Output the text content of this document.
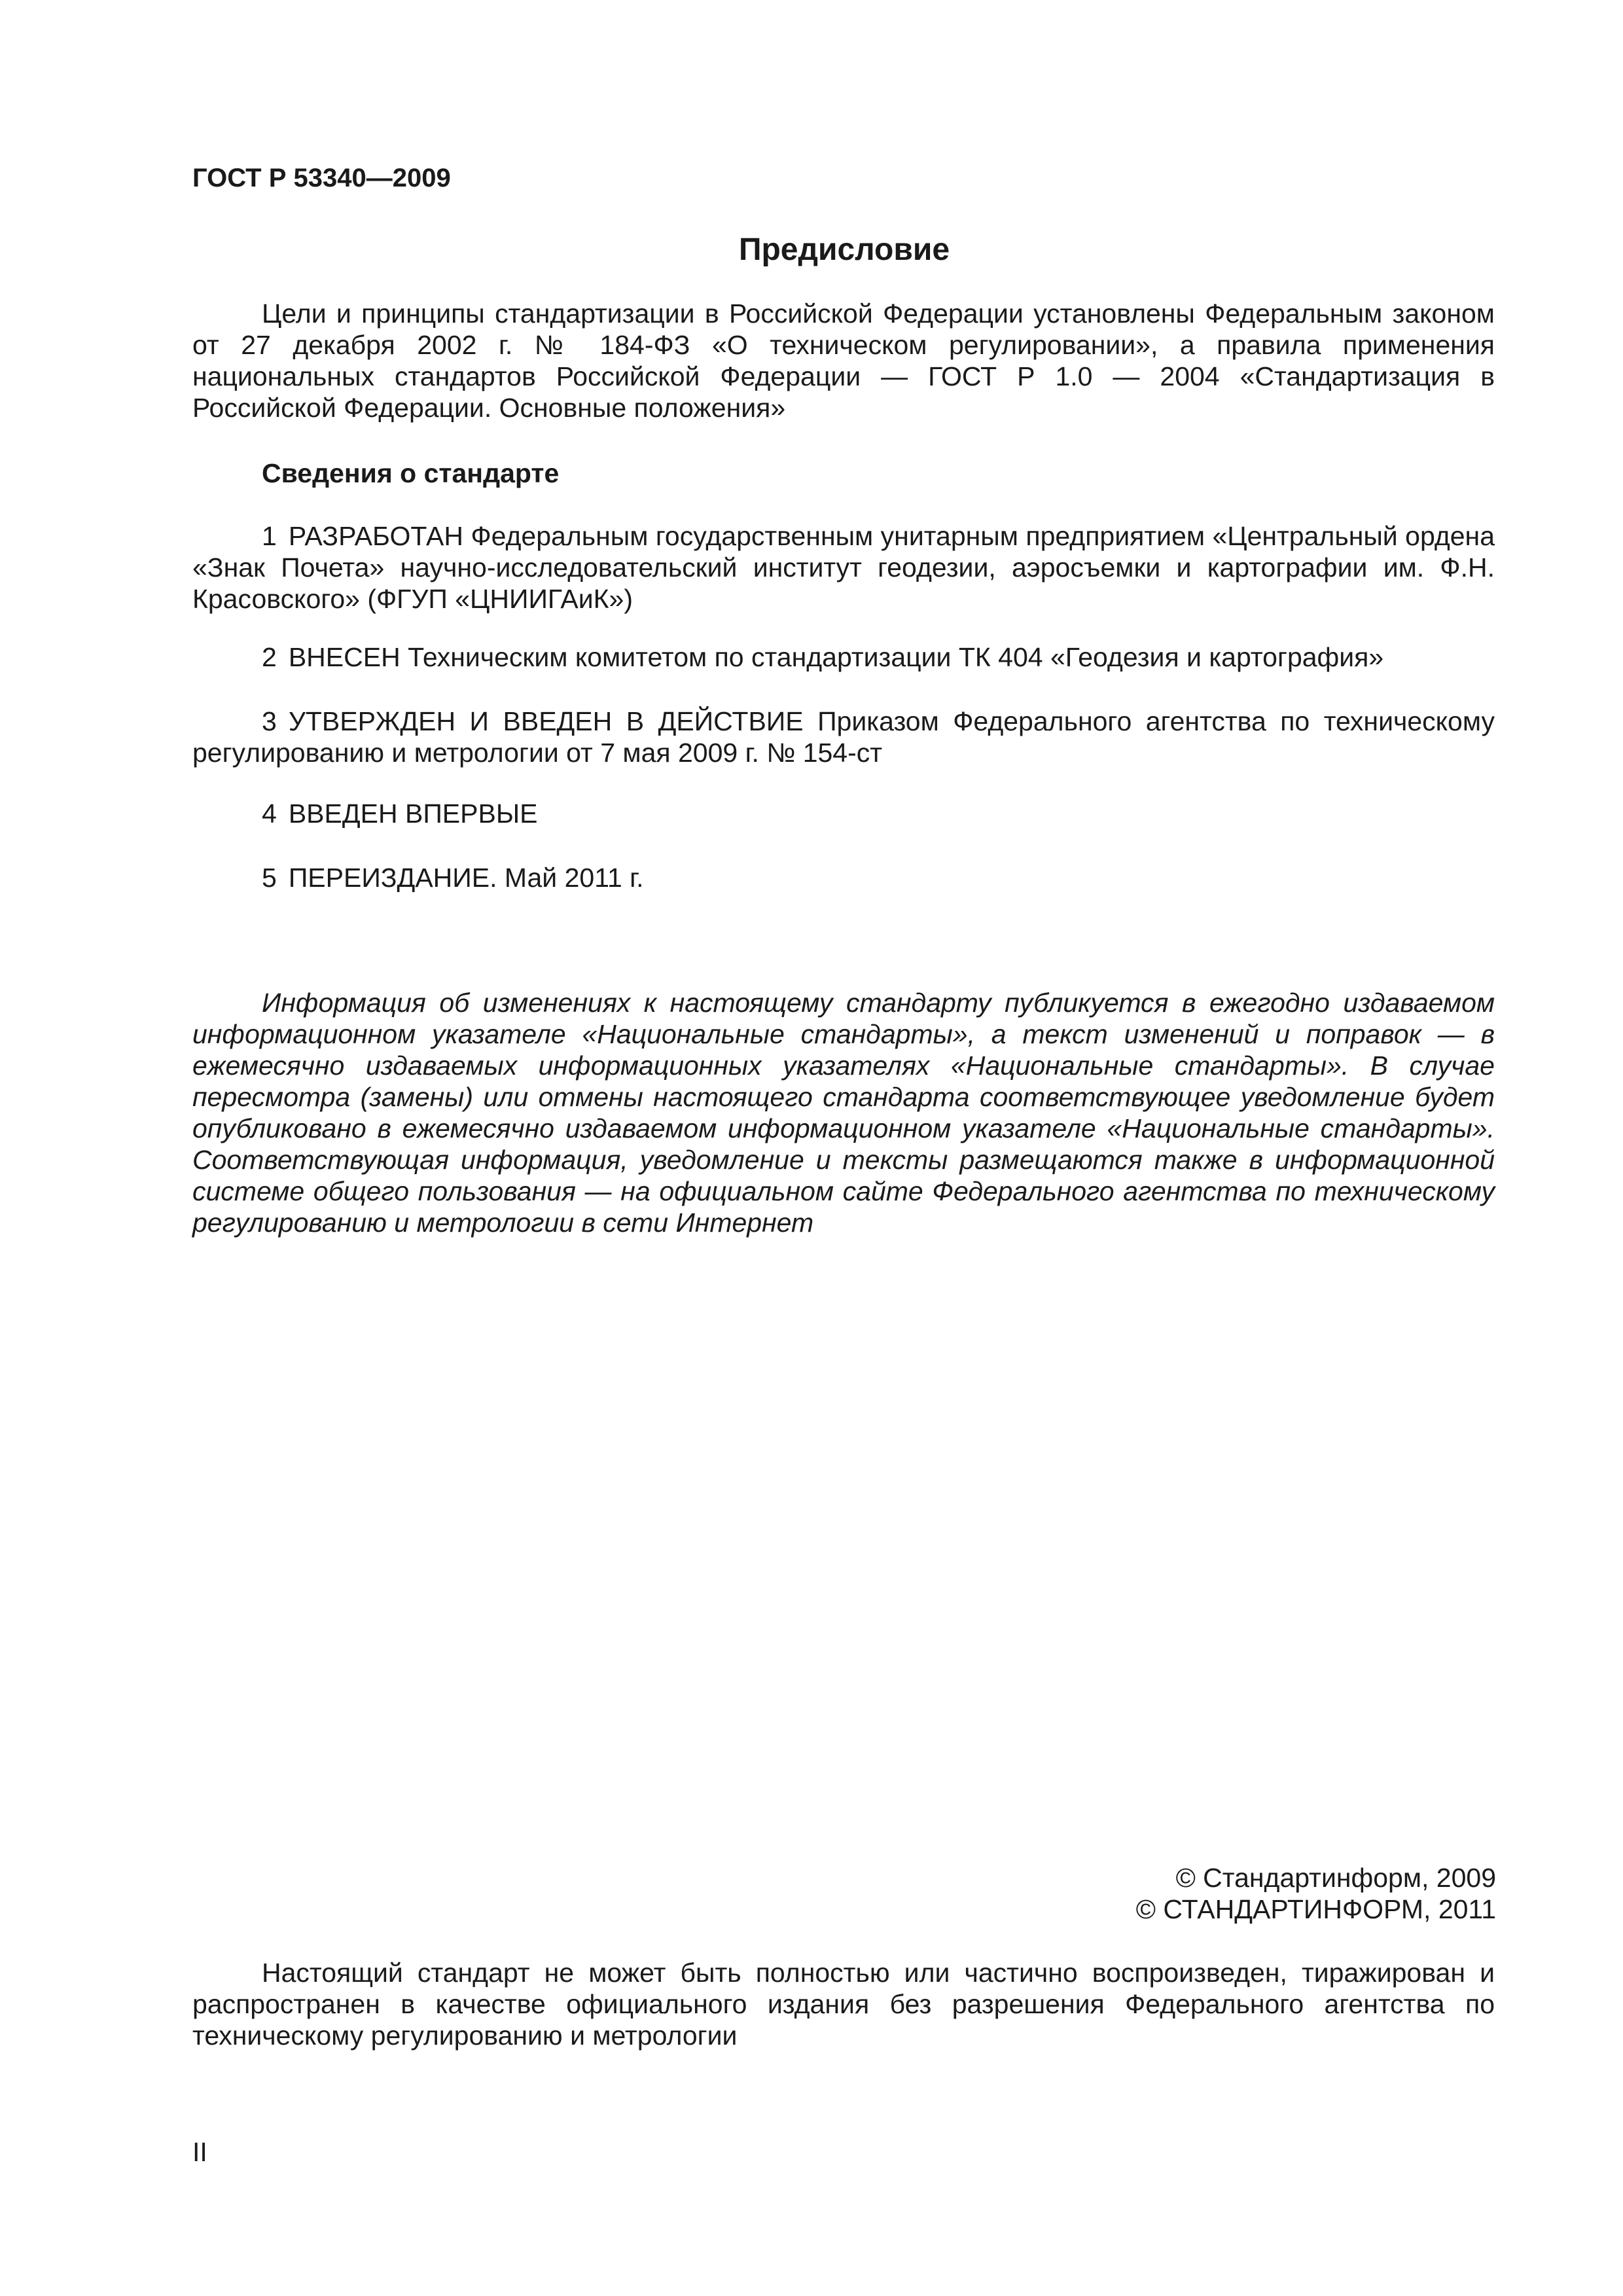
ГОСТ Р 53340—2009
Предисловие

Цели и принципы стандартизации в Российской Федерации установлены Федеральным законом от 27 декабря 2002 г. № 184-ФЗ «О техническом регулировании», а правила применения национальных стандартов Российской Федерации — ГОСТ Р 1.0 — 2004 «Стандартизация в Российской Федерации. Основные положения»

Сведения о стандарте
1 РАЗРАБОТАН Федеральным государственным унитарным предприятием «Центральный ордена «Знак Почета» научно-исследовательский институт геодезии, аэросъемки и картографии им. Ф.Н. Красовского» (ФГУП «ЦНИИГАиК»)
2 ВНЕСЕН Техническим комитетом по стандартизации ТК 404 «Геодезия и картография»
3 УТВЕРЖДЕН И ВВЕДЕН В ДЕЙСТВИЕ Приказом Федерального агентства по техническому регулированию и метрологии от 7 мая 2009 г. № 154-ст
4 ВВЕДЕН ВПЕРВЫЕ
5 ПЕРЕИЗДАНИЕ. Май 2011 г.

Информация об изменениях к настоящему стандарту публикуется в ежегодно издаваемом информационном указателе «Национальные стандарты», а текст изменений и поправок — в ежемесячно издаваемых информационных указателях «Национальные стандарты». В случае пересмотра (замены) или отмены настоящего стандарта соответствующее уведомление будет опубликовано в ежемесячно издаваемом информационном указателе «Национальные стандарты». Соответствующая информация, уведомление и тексты размещаются также в информационной системе общего пользования — на официальном сайте Федерального агентства по техническому регулированию и метрологии в сети Интернет

© Стандартинформ, 2009
© СТАНДАРТИНФОРМ, 2011

Настоящий стандарт не может быть полностью или частично воспроизведен, тиражирован и распространен в качестве официального издания без разрешения Федерального агентства по техническому регулированию и метрологии

II
